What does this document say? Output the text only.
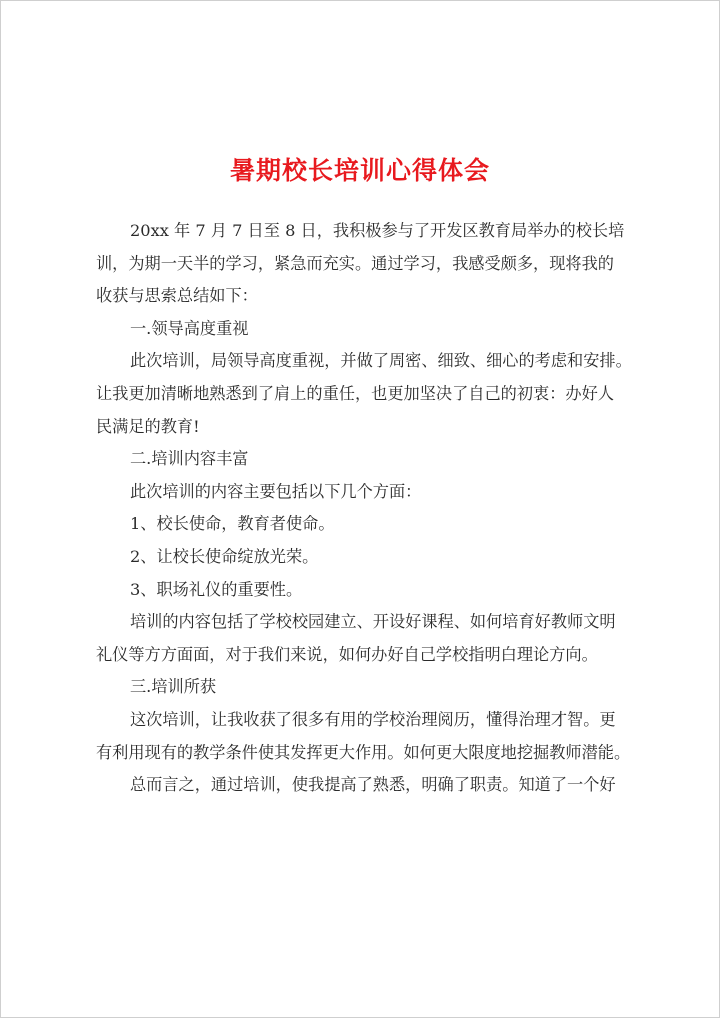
暑期校长培训心得体会
20xx 年 7 月 7 日至 8 日，我积极参与了开发区教育局举办的校长培
训，为期一天半的学习，紧急而充实。通过学习，我感受颇多，现将我的
收获与思索总结如下：
一.领导高度重视
此次培训，局领导高度重视，并做了周密、细致、细心的考虑和安排。
让我更加清晰地熟悉到了肩上的重任，也更加坚决了自己的初衷：办好人
民满足的教育!
二.培训内容丰富
此次培训的内容主要包括以下几个方面：
1、校长使命，教育者使命。
2、让校长使命绽放光荣。
3、职场礼仪的重要性。
培训的内容包括了学校校园建立、开设好课程、如何培育好教师文明
礼仪等方方面面，对于我们来说，如何办好自己学校指明白理论方向。
三.培训所获
这次培训，让我收获了很多有用的学校治理阅历，懂得治理才智。更
有利用现有的教学条件使其发挥更大作用。如何更大限度地挖掘教师潜能。
总而言之，通过培训，使我提高了熟悉，明确了职责。知道了一个好
